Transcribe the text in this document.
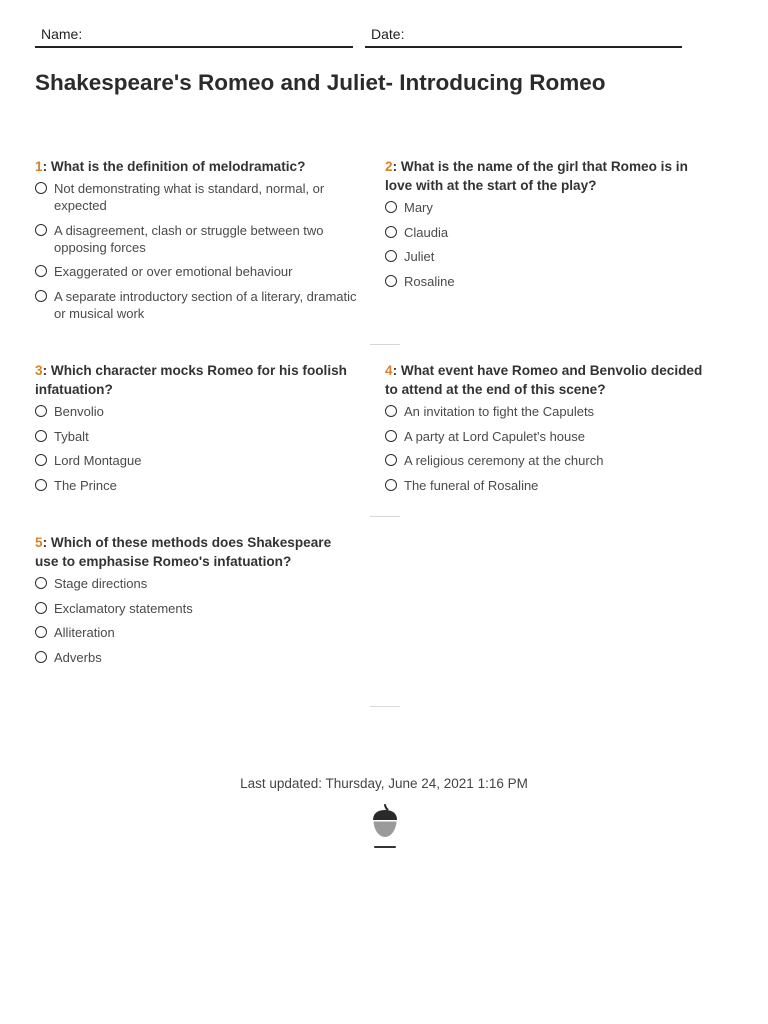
Name:	Date:
Shakespeare's Romeo and Juliet- Introducing Romeo
1: What is the definition of melodramatic?
Not demonstrating what is standard, normal, or expected
A disagreement, clash or struggle between two opposing forces
Exaggerated or over emotional behaviour
A separate introductory section of a literary, dramatic or musical work
2: What is the name of the girl that Romeo is in love with at the start of the play?
Mary
Claudia
Juliet
Rosaline
3: Which character mocks Romeo for his foolish infatuation?
Benvolio
Tybalt
Lord Montague
The Prince
4: What event have Romeo and Benvolio decided to attend at the end of this scene?
An invitation to fight the Capulets
A party at Lord Capulet's house
A religious ceremony at the church
The funeral of Rosaline
5: Which of these methods does Shakespeare use to emphasise Romeo's infatuation?
Stage directions
Exclamatory statements
Alliteration
Adverbs
Last updated: Thursday, June 24, 2021 1:16 PM
